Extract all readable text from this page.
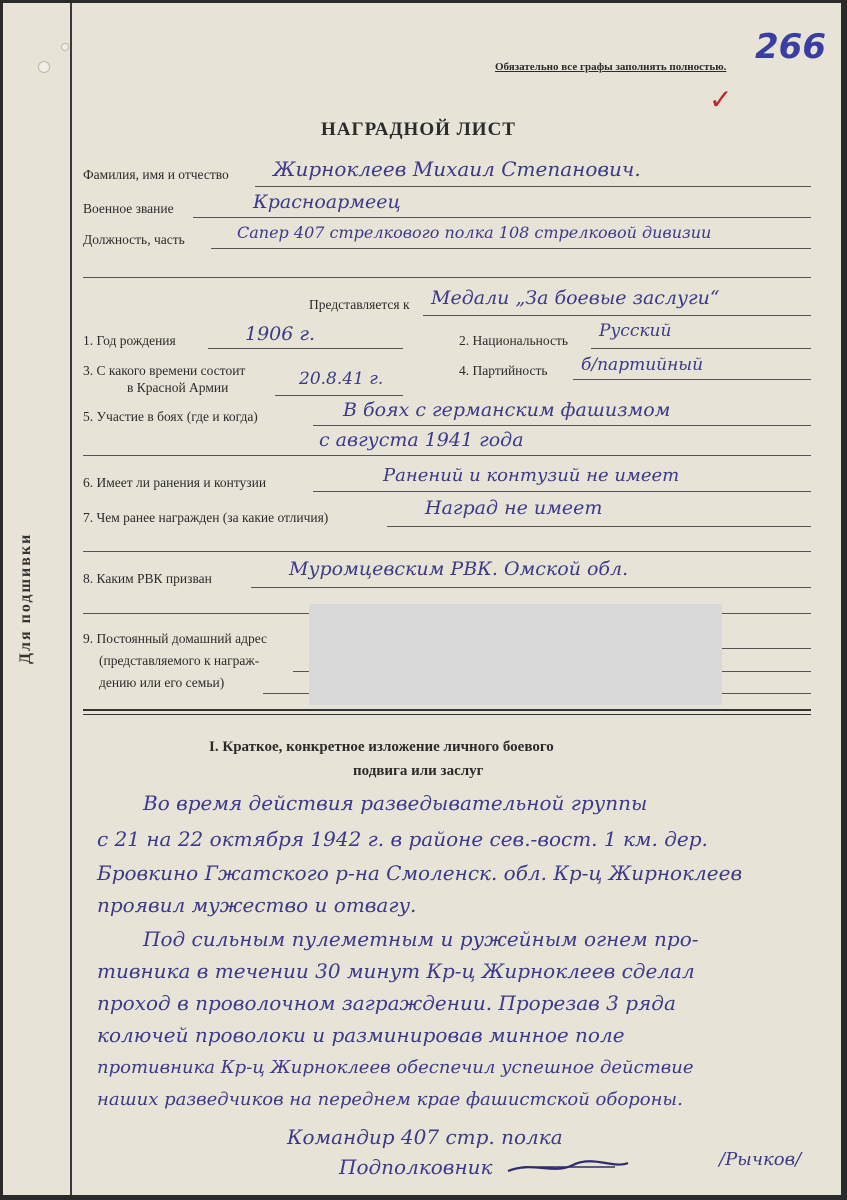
Для подшивки
Обязательно все графы заполнять полностью. 266
✓
НАГРАДНОЙ ЛИСТ
Фамилия, имя и отчество Жирноклеев Михаил Степанович.
Военное звание	Красноармеец
Должность, часть	Сапер 407 стрелкового полка 108 стрелковой дивизии
Представляется к Медали „За боевые заслуги“
1. Год рождения	1906 г.	2. Национальность Русский
3. С какого времени состоит
в Красной Армии	20.8.41 г.	4. Партийность б/партийный
5. Участие в боях (где и когда)	В боях с германским фашизмом
с августа 1941 года
6. Имеет ли ранения и контузии	Ранений и контузий не имеет
7. Чем ранее награжден (за какие отличия)	Наград не имеет
8. Каким РВК призван	Муромцевским РВК. Омской обл.
9. Постоянный домашний адрес
(представляемого к награж-
дению или его семьи)
I. Краткое, конкретное изложение личного боевого
подвига или заслуг
Во время действия разведывательной группы
с 21 на 22 октября 1942 г. в районе сев.-вост. 1 км. дер.
Бровкино Гжатского р-на Смоленск. обл. Кр-ц Жирноклеев
проявил мужество и отвагу.
Под сильным пулеметным и ружейным огнем про-
тивника в течении 30 минут Кр-ц Жирноклеев сделал
проход в проволочном заграждении. Прорезав 3 ряда
колючей проволоки и разминировав минное поле
противника Кр-ц Жирноклеев обеспечил успешное действие
наших разведчиков на переднем крае фашистской обороны.
Командир 407 стр. полка
Подполковник	/Рычков/
